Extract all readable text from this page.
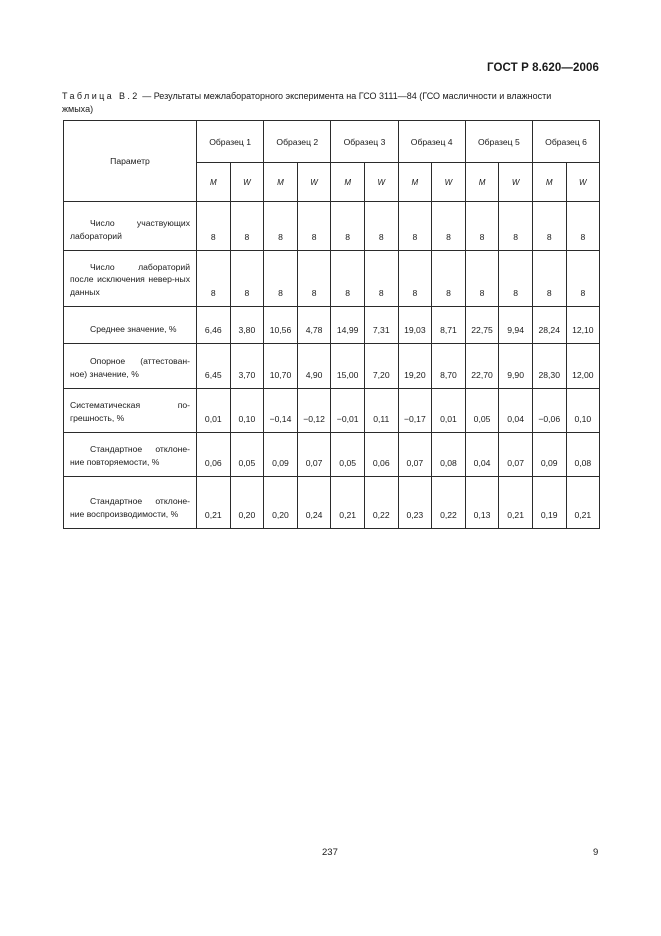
ГОСТ Р 8.620—2006
Таблица В.2 — Результаты межлабораторного эксперимента на ГСО 3111—84 (ГСО масличности и влажности
жмыха)
Параметр	Образец 1		Образец 2		Образец 3		Образец 4		Образец 5		Образец 6	
	M	W	M	W	M	W	M	W	M	W	M	W
Число участвующих лабораторий	8	8	8	8	8	8	8	8	8	8	8	8
Число лабораторий после исключения невер-ных данных	8	8	8	8	8	8	8	8	8	8	8	8
Среднее значение, %	6,46	3,80	10,56	4,78	14,99	7,31	19,03	8,71	22,75	9,94	28,24	12,10
Опорное (аттестован-ное) значение, %	6,45	3,70	10,70	4,90	15,00	7,20	19,20	8,70	22,70	9,90	28,30	12,00
Систематическая по-грешность, %	0,01	0,10	−0,14	−0,12	−0,01	0,11	−0,17	0,01	0,05	0,04	−0,06	0,10
Стандартное отклоне-ние повторяемости, %	0,06	0,05	0,09	0,07	0,05	0,06	0,07	0,08	0,04	0,07	0,09	0,08
Стандартное отклоне-ние воспроизводимости, %	0,21	0,20	0,20	0,24	0,21	0,22	0,23	0,22	0,13	0,21	0,19	0,21
237	9
